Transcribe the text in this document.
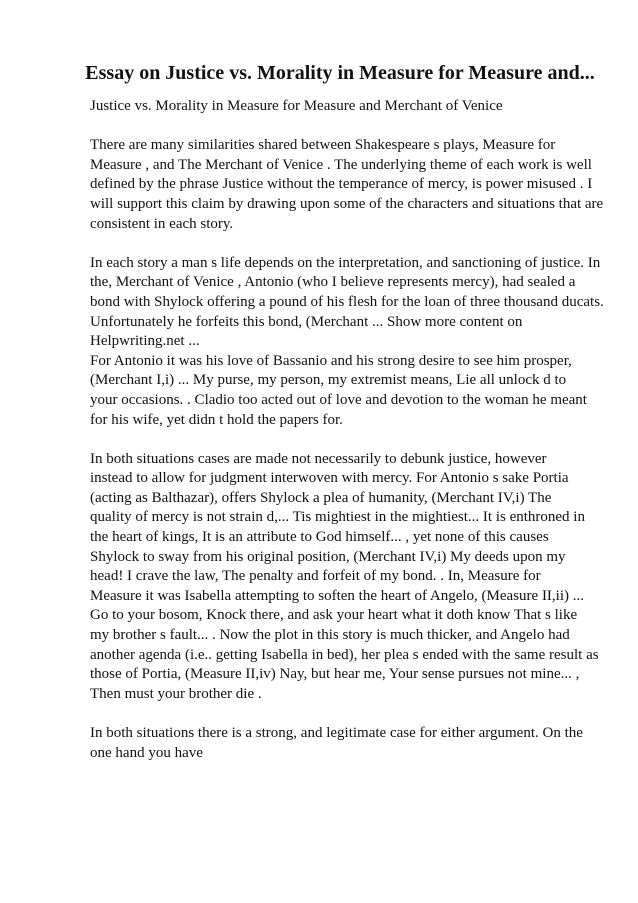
Essay on Justice vs. Morality in Measure for Measure and...
Justice vs. Morality in Measure for Measure and Merchant of Venice
There are many similarities shared between Shakespeare s plays, Measure for
Measure , and The Merchant of Venice . The underlying theme of each work is well
defined by the phrase Justice without the temperance of mercy, is power misused . I
will support this claim by drawing upon some of the characters and situations that are
consistent in each story.
In each story a man s life depends on the interpretation, and sanctioning of justice. In
the, Merchant of Venice , Antonio (who I believe represents mercy), had sealed a
bond with Shylock offering a pound of his flesh for the loan of three thousand ducats.
Unfortunately he forfeits this bond, (Merchant ... Show more content on
Helpwriting.net ...
For Antonio it was his love of Bassanio and his strong desire to see him prosper,
(Merchant I,i) ... My purse, my person, my extremist means, Lie all unlock d to
your occasions. . Cladio too acted out of love and devotion to the woman he meant
for his wife, yet didn t hold the papers for.
In both situations cases are made not necessarily to debunk justice, however
instead to allow for judgment interwoven with mercy. For Antonio s sake Portia
(acting as Balthazar), offers Shylock a plea of humanity, (Merchant IV,i) The
quality of mercy is not strain d,... Tis mightiest in the mightiest... It is enthroned in
the heart of kings, It is an attribute to God himself... , yet none of this causes
Shylock to sway from his original position, (Merchant IV,i) My deeds upon my
head! I crave the law, The penalty and forfeit of my bond. . In, Measure for
Measure it was Isabella attempting to soften the heart of Angelo, (Measure II,ii) ...
Go to your bosom, Knock there, and ask your heart what it doth know That s like
my brother s fault... . Now the plot in this story is much thicker, and Angelo had
another agenda (i.e.. getting Isabella in bed), her plea s ended with the same result as
those of Portia, (Measure II,iv) Nay, but hear me, Your sense pursues not mine... ,
Then must your brother die .
In both situations there is a strong, and legitimate case for either argument. On the
one hand you have
